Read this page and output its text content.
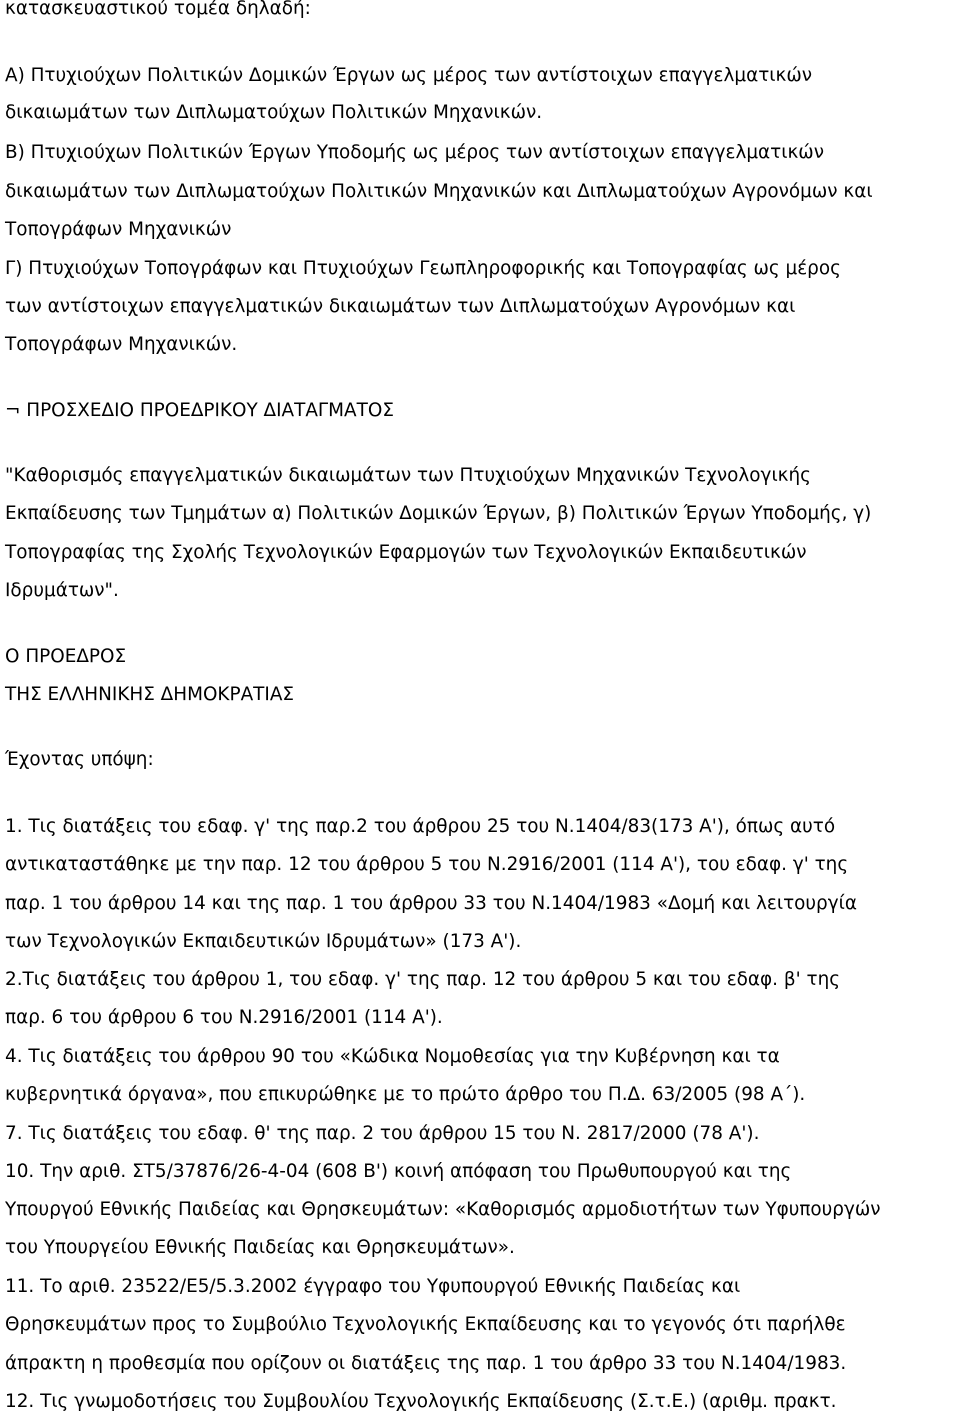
κατασκευαστικού τομέα δηλαδή:
Α) Πτυχιούχων Πολιτικών Δομικών Έργων ως μέρος των αντίστοιχων επαγγελματικών
δικαιωμάτων των Διπλωματούχων Πολιτικών Μηχανικών.
Β) Πτυχιούχων Πολιτικών Έργων Υποδομής ως μέρος των αντίστοιχων επαγγελματικών
δικαιωμάτων των Διπλωματούχων Πολιτικών Μηχανικών και Διπλωματούχων Αγρονόμων και
Τοπογράφων Μηχανικών
Γ) Πτυχιούχων Τοπογράφων και Πτυχιούχων Γεωπληροφορικής και Τοπογραφίας ως μέρος
των αντίστοιχων επαγγελματικών δικαιωμάτων των Διπλωματούχων Αγρονόμων και
Τοπογράφων Μηχανικών.
¬ ΠΡΟΣΧΕΔΙΟ ΠΡΟΕΔΡΙΚΟΥ ΔΙΑΤΑΓΜΑΤΟΣ
"Καθορισμός επαγγελματικών δικαιωμάτων των Πτυχιούχων Μηχανικών Τεχνολογικής
Εκπαίδευσης των Τμημάτων α) Πολιτικών Δομικών Έργων, β) Πολιτικών Έργων Υποδομής, γ)
Τοπογραφίας της Σχολής Τεχνολογικών Εφαρμογών των Τεχνολογικών Εκπαιδευτικών
Ιδρυμάτων".
Ο ΠΡΟΕΔΡΟΣ
ΤΗΣ ΕΛΛΗΝΙΚΗΣ ΔΗΜΟΚΡΑΤΙΑΣ
Έχοντας υπόψη:
1. Τις διατάξεις του εδαφ. γ' της παρ.2 του άρθρου 25 του Ν.1404/83(173 Α'), όπως αυτό
αντικαταστάθηκε με την παρ. 12 του άρθρου 5 του Ν.2916/2001 (114 Α'), του εδαφ. γ' της
παρ. 1 του άρθρου 14 και της παρ. 1 του άρθρου 33 του Ν.1404/1983 «Δομή και λειτουργία
των Τεχνολογικών Εκπαιδευτικών Ιδρυμάτων» (173 Α').
2.Τις διατάξεις του άρθρου 1, του εδαφ. γ' της παρ. 12 του άρθρου 5 και του εδαφ. β' της
παρ. 6 του άρθρου 6 του Ν.2916/2001 (114 Α').
4. Τις διατάξεις του άρθρου 90 του «Κώδικα Νομοθεσίας για την Κυβέρνηση και τα
κυβερνητικά όργανα», που επικυρώθηκε με το πρώτο άρθρο του Π.Δ. 63/2005 (98 Α΄).
7. Τις διατάξεις του εδαφ. θ' της παρ. 2 του άρθρου 15 του Ν. 2817/2000 (78 Α').
10. Την αριθ. ΣΤ5/37876/26-4-04 (608 Β') κοινή απόφαση του Πρωθυπουργού και της
Υπουργού Εθνικής Παιδείας και Θρησκευμάτων: «Καθορισμός αρμοδιοτήτων των Υφυπουργών
του Υπουργείου Εθνικής Παιδείας και Θρησκευμάτων».
11. Το αριθ. 23522/Ε5/5.3.2002 έγγραφο του Υφυπουργού Εθνικής Παιδείας και
Θρησκευμάτων προς το Συμβούλιο Τεχνολογικής Εκπαίδευσης και το γεγονός ότι παρήλθε
άπρακτη η προθεσμία που ορίζουν οι διατάξεις της παρ. 1 του άρθρο 33 του Ν.1404/1983.
12. Τις γνωμοδοτήσεις του Συμβουλίου Τεχνολογικής Εκπαίδευσης (Σ.τ.Ε.) (αριθμ. πρακτ.
